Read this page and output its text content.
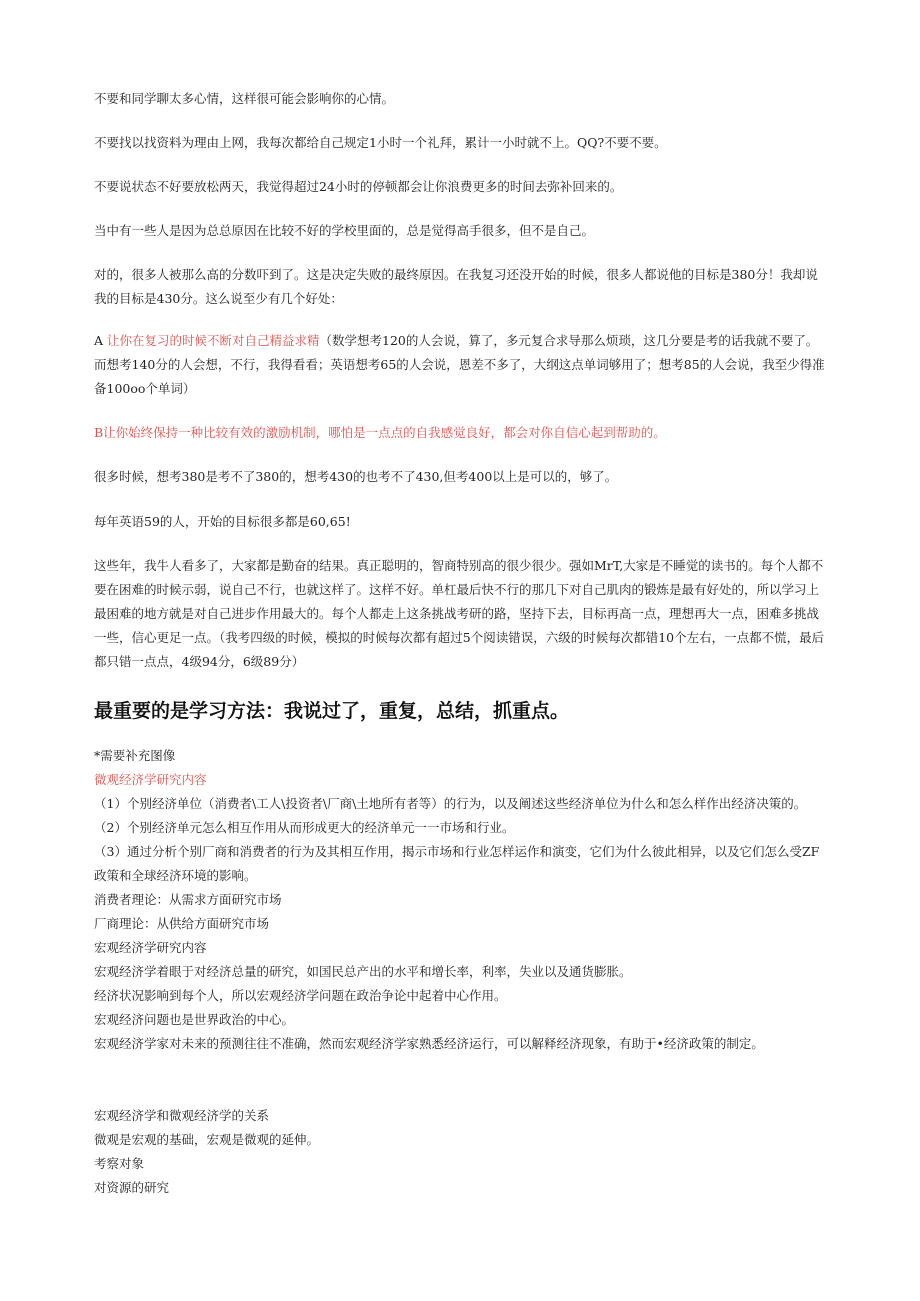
不要和同学聊太多心情，这样很可能会影响你的心情。

不要找以找资料为理由上网，我每次都给自己规定1小时一个礼拜，累计一小时就不上。QQ?不要不要。

不要说状态不好要放松两天，我觉得超过24小时的停顿都会让你浪费更多的时间去弥补回来的。

当中有一些人是因为总总原因在比较不好的学校里面的，总是觉得高手很多，但不是自己。

对的，很多人被那么高的分数吓到了。这是决定失败的最终原因。在我复习还没开始的时候，很多人都说他的目标是380分！我却说我的目标是430分。这么说至少有几个好处：

A 让你在复习的时候不断对自己精益求精（数学想考120的人会说，算了，多元复合求导那么烦琐，这几分要是考的话我就不要了。而想考140分的人会想，不行，我得看看；英语想考65的人会说，恩差不多了，大纲这点单词够用了；想考85的人会说，我至少得准备100oo个单词）

B让你始终保持一种比较有效的激励机制，哪怕是一点点的自我感觉良好，都会对你自信心起到帮助的。

很多时候，想考380是考不了380的，想考430的也考不了430,但考400以上是可以的，够了。

每年英语59的人，开始的目标很多都是60,65!

这些年，我牛人看多了，大家都是勤奋的结果。真正聪明的，智商特别高的很少很少。强如MrT,大家是不睡觉的读书的。每个人都不要在困难的时候示弱，说自己不行，也就这样了。这样不好。单杠最后快不行的那几下对自己肌肉的锻炼是最有好处的，所以学习上最困难的地方就是对自己进步作用最大的。每个人都走上这条挑战考研的路，坚持下去，目标再高一点，理想再大一点，困难多挑战一些，信心更足一点。（我考四级的时候，模拟的时候每次都有超过5个阅读错误，六级的时候每次都错10个左右，一点都不慌，最后都只错一点点，4级94分，6级89分）

最重要的是学习方法：我说过了，重复，总结，抓重点。

*需要补充图像

微观经济学研究内容

（1）个别经济单位（消费者\工人\投资者\厂商\土地所有者等）的行为，以及阐述这些经济单位为什么和怎么样作出经济决策的。

（2）个别经济单元怎么相互作用从而形成更大的经济单元一一市场和行业。

（3）通过分析个别厂商和消费者的行为及其相互作用，揭示市场和行业怎样运作和演变，它们为什么彼此相异，以及它们怎么受ZF政策和全球经济环境的影响。

消费者理论：从需求方面研究市场

厂商理论：从供给方面研究市场

宏观经济学研究内容

宏观经济学着眼于对经济总量的研究，如国民总产出的水平和增长率，利率，失业以及通货膨胀。

经济状况影响到每个人，所以宏观经济学问题在政治争论中起着中心作用。

宏观经济问题也是世界政治的中心。

宏观经济学家对未来的预测往往不准确，然而宏观经济学家熟悉经济运行，可以解释经济现象，有助于•经济政策的制定。

宏观经济学和微观经济学的关系

微观是宏观的基础，宏观是微观的延伸。

考察对象

对资源的研究
